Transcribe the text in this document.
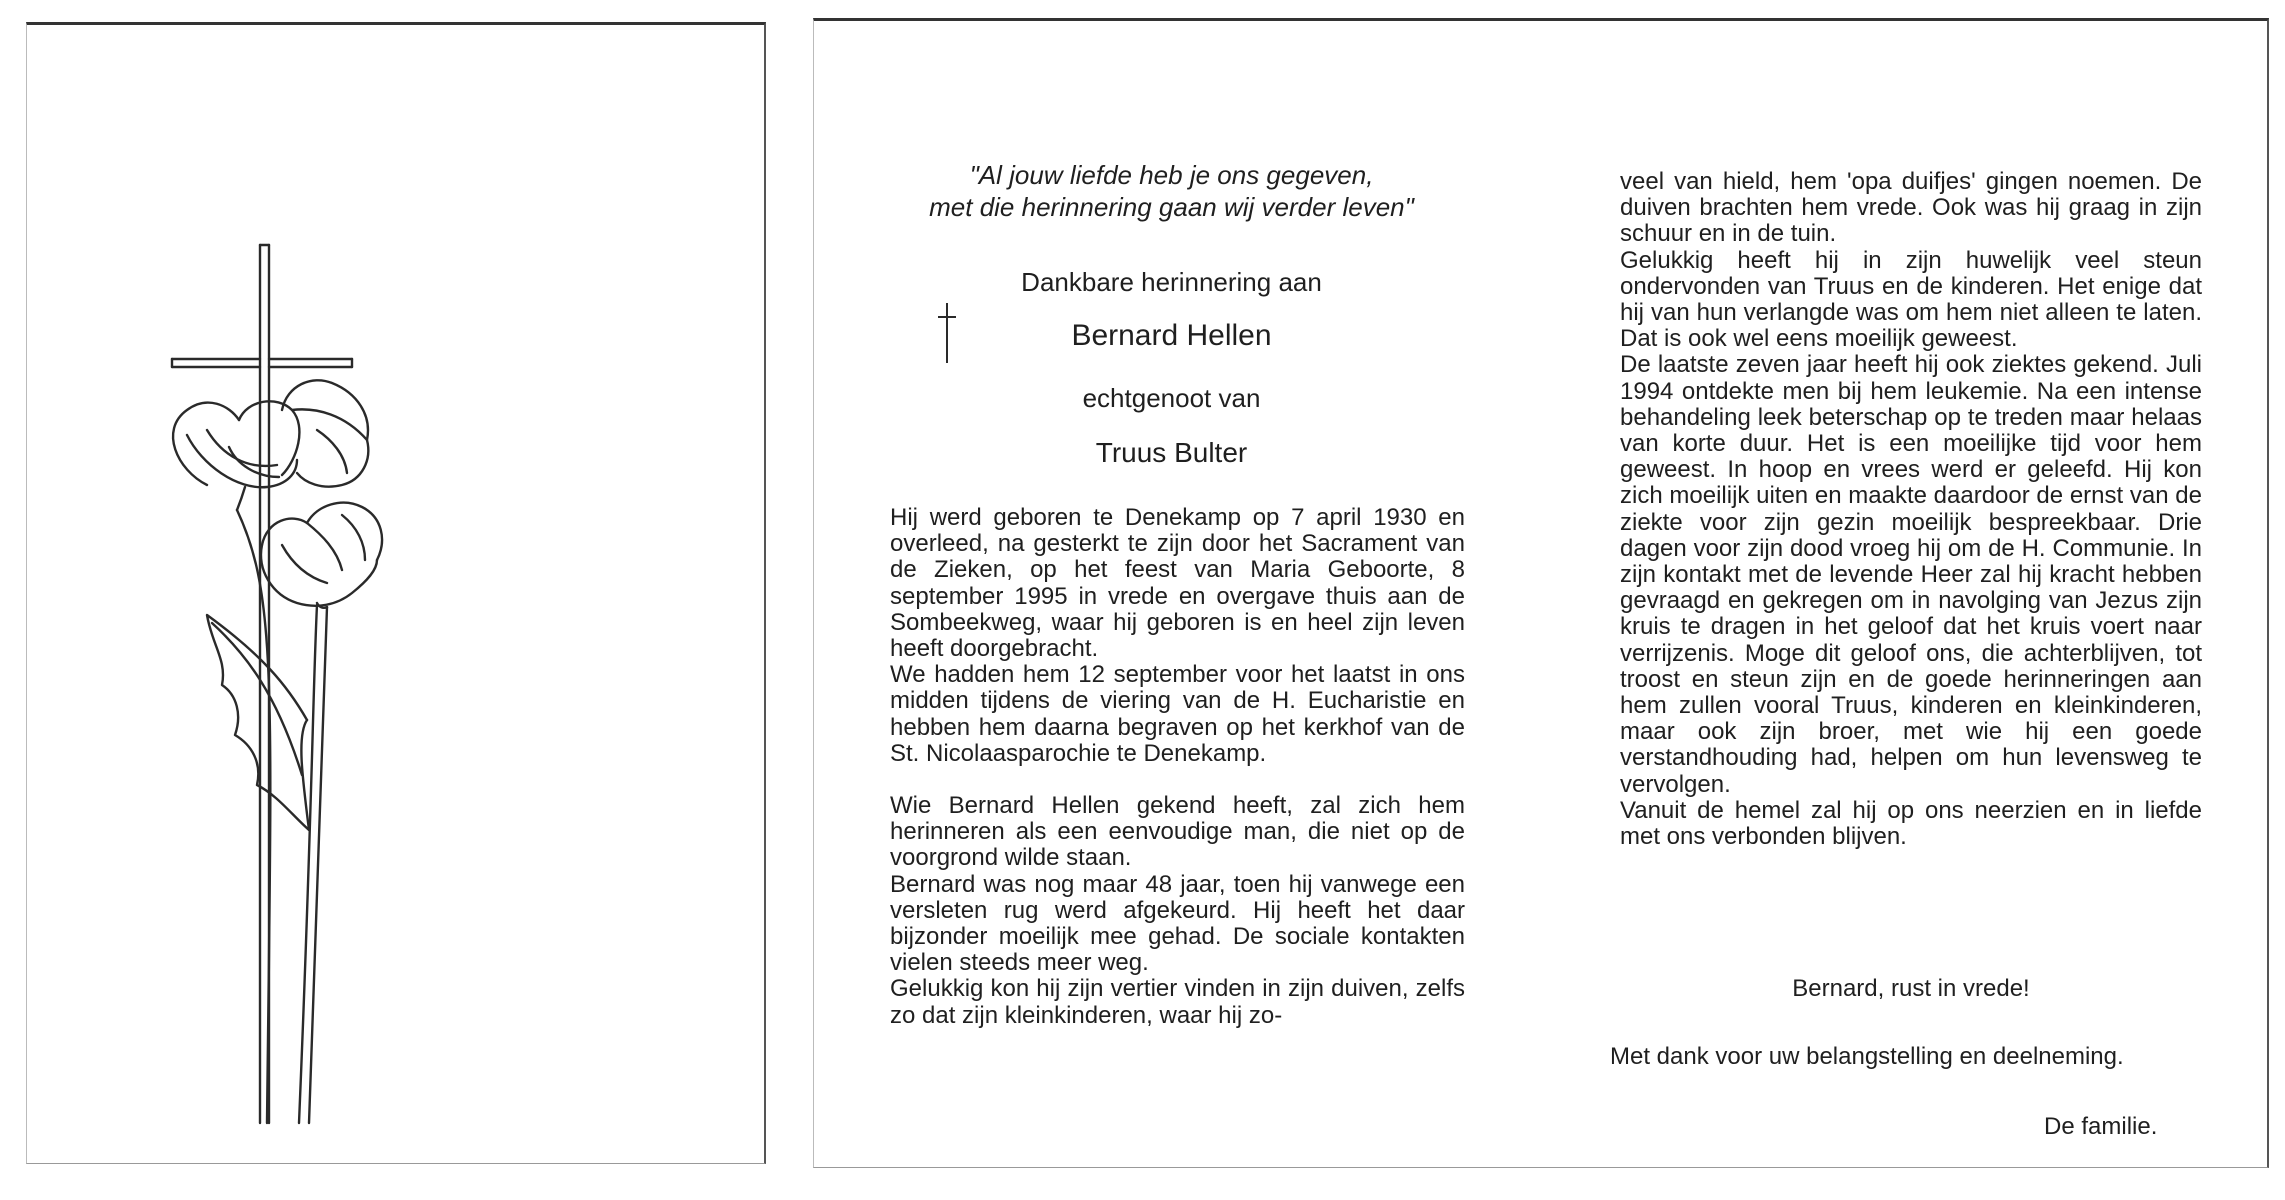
"Al jouw liefde heb je ons gegeven,
met die herinnering gaan wij verder leven"
Dankbare herinnering aan
Bernard Hellen
echtgenoot van
Truus Bulter

Hij werd geboren te Denekamp op 7 april 1930 en overleed, na gesterkt te zijn door het Sacrament van de Zieken, op het feest van Maria Geboorte, 8 september 1995 in vrede en overgave thuis aan de Sombeekweg, waar hij geboren is en heel zijn leven heeft doorgebracht.

We hadden hem 12 september voor het laatst in ons midden tijdens de viering van de H. Eucharistie en hebben hem daarna begraven op het kerkhof van de St. Nicolaasparochie te Denekamp.

Wie Bernard Hellen gekend heeft, zal zich hem herinneren als een eenvoudige man, die niet op de voorgrond wilde staan.

Bernard was nog maar 48 jaar, toen hij vanwege een versleten rug werd afgekeurd. Hij heeft het daar bijzonder moeilijk mee gehad. De sociale kontakten vielen steeds meer weg.

Gelukkig kon hij zijn vertier vinden in zijn duiven, zelfs zo dat zijn kleinkinderen, waar hij zo-

veel van hield, hem 'opa duifjes' gingen noemen. De duiven brachten hem vrede. Ook was hij graag in zijn schuur en in de tuin.

Gelukkig heeft hij in zijn huwelijk veel steun ondervonden van Truus en de kinderen. Het enige dat hij van hun verlangde was om hem niet alleen te laten. Dat is ook wel eens moeilijk geweest.

De laatste zeven jaar heeft hij ook ziektes gekend. Juli 1994 ontdekte men bij hem leukemie. Na een intense behandeling leek beterschap op te treden maar helaas van korte duur. Het is een moeilijke tijd voor hem geweest. In hoop en vrees werd er geleefd. Hij kon zich moeilijk uiten en maakte daardoor de ernst van de ziekte voor zijn gezin moeilijk bespreekbaar. Drie dagen voor zijn dood vroeg hij om de H. Communie. In zijn kontakt met de levende Heer zal hij kracht hebben gevraagd en gekregen om in navolging van Jezus zijn kruis te dragen in het geloof dat het kruis voert naar verrijzenis. Moge dit geloof ons, die achterblijven, tot troost en steun zijn en de goede herinneringen aan hem zullen vooral Truus, kinderen en kleinkinderen, maar ook zijn broer, met wie hij een goede verstandhouding had, helpen om hun levensweg te vervolgen.

Vanuit de hemel zal hij op ons neerzien en in liefde met ons verbonden blijven.

Bernard, rust in vrede!
Met dank voor uw belangstelling en deelneming.
De familie.
